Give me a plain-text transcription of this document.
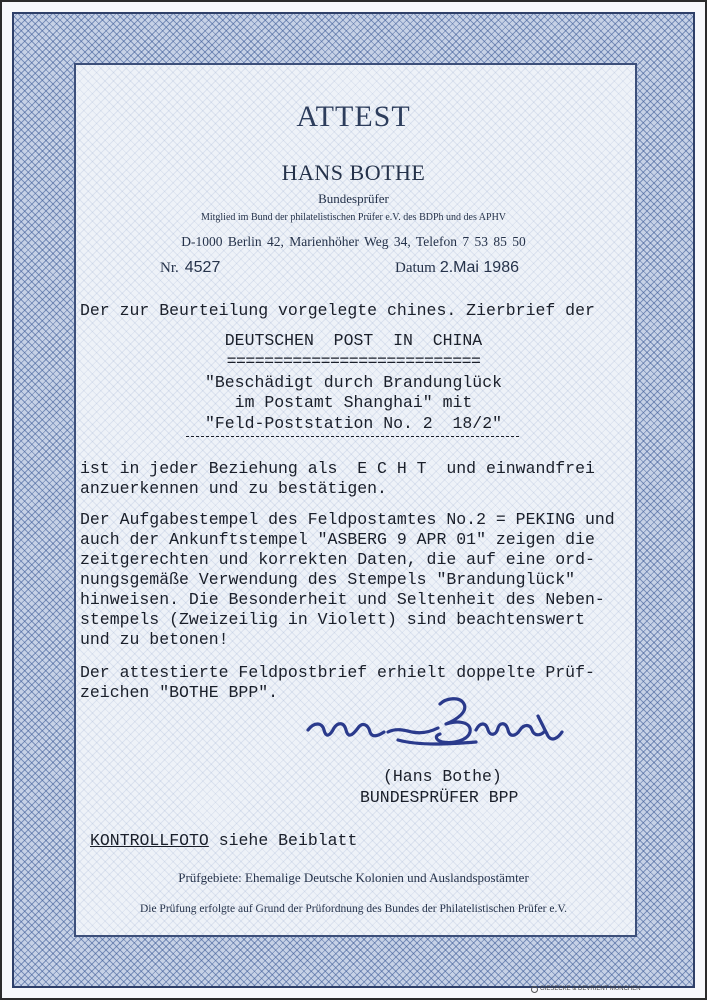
ATTEST
HANS BOTHE
Bundesprüfer
Mitglied im Bund der philatelistischen Prüfer e.V. des BDPh und des APHV
D-1000 Berlin 42, Marienhöher Weg 34, Telefon 7 53 85 50
Nr. 4527	Datum 2.Mai 1986
Der zur Beurteilung vorgelegte chines. Zierbrief der
DEUTSCHEN  POST  IN  CHINA
===========================
"Beschädigt durch Brandunglück
im Postamt Shanghai" mit
"Feld-Poststation No. 2  18/2"
ist in jeder Beziehung als  E C H T  und einwandfrei
anzuerkennen und zu bestätigen.
Der Aufgabestempel des Feldpostamtes No.2 = PEKING und
auch der Ankunftstempel "ASBERG 9 APR 01" zeigen die
zeitgerechten und korrekten Daten, die auf eine ord-
nungsgemäße Verwendung des Stempels "Brandunglück"
hinweisen. Die Besonderheit und Seltenheit des Neben-
stempels (Zweizeilig in Violett) sind beachtenswert
und zu betonen!
Der attestierte Feldpostbrief erhielt doppelte Prüf-
zeichen "BOTHE BPP".
(Hans Bothe)
BUNDESPRÜFER BPP
KONTROLLFOTO siehe Beiblatt
Prüfgebiete: Ehemalige Deutsche Kolonien und Auslandspostämter
Die Prüfung erfolgte auf Grund der Prüfordnung des Bundes der Philatelistischen Prüfer e.V.
GIESECKE & DEVRIENT MÜNCHEN
